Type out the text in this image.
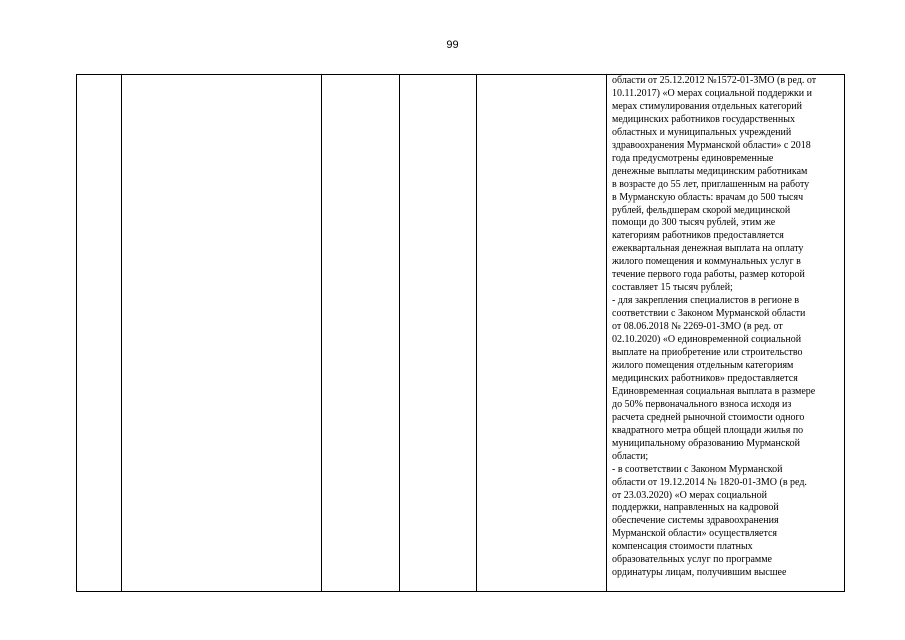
99
области от 25.12.2012 №1572-01-ЗМО (в ред. от
10.11.2017) «О мерах социальной поддержки и
мерах стимулирования отдельных категорий
медицинских работников государственных
областных и муниципальных учреждений
здравоохранения Мурманской области» с 2018
года предусмотрены единовременные
денежные выплаты медицинским работникам
в возрасте до 55 лет, приглашенным на работу
в Мурманскую область: врачам до 500 тысяч
рублей, фельдшерам скорой медицинской
помощи до 300 тысяч рублей, этим же
категориям работников предоставляется
ежеквартальная денежная выплата на оплату
жилого помещения и коммунальных услуг в
течение первого года работы, размер которой
составляет 15 тысяч рублей;
- для закрепления специалистов в регионе в
соответствии с Законом Мурманской области
от 08.06.2018 № 2269-01-ЗМО (в ред. от
02.10.2020) «О единовременной социальной
выплате на приобретение или строительство
жилого помещения отдельным категориям
медицинских работников» предоставляется
Единовременная социальная выплата в размере
до 50% первоначального взноса исходя из
расчета средней рыночной стоимости одного
квадратного метра общей площади жилья по
муниципальному образованию Мурманской
области;
- в соответствии с Законом Мурманской
области от 19.12.2014 № 1820-01-ЗМО (в ред.
от 23.03.2020) «О мерах социальной
поддержки, направленных на кадровой
обеспечение системы здравоохранения
Мурманской области» осуществляется
компенсация стоимости платных
образовательных услуг по программе
ординатуры лицам, получившим высшее
